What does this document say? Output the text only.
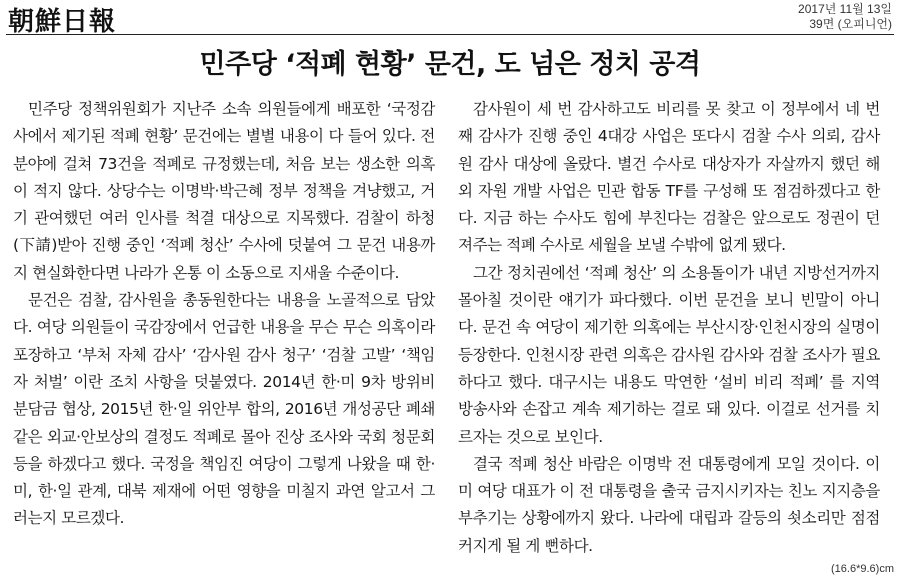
朝鮮日報	2017년 11월 13일
39면 (오피니언)
민주당 ‘적폐 현황’ 문건, 도 넘은 정치 공격

민주당 정책위원회가 지난주 소속 의원들에게 배포한 ‘국정감사에서 제기된 적폐 현황’ 문건에는 별별 내용이 다 들어 있다. 전 분야에 걸쳐 73건을 적폐로 규정했는데, 처음 보는 생소한 의혹이 적지 않다. 상당수는 이명박·박근혜 정부 정책을 겨냥했고, 거기 관여했던 여러 인사를 척결 대상으로 지목했다. 검찰이 하청(下請)받아 진행 중인 ‘적폐 청산’ 수사에 덧붙여 그 문건 내용까지 현실화한다면 나라가 온통 이 소동으로 지새울 수준이다.

문건은 검찰, 감사원을 총동원한다는 내용을 노골적으로 담았다. 여당 의원들이 국감장에서 언급한 내용을 무슨 무슨 의혹이라 포장하고 ‘부처 자체 감사’ ‘감사원 감사 청구’ ‘검찰 고발’ ‘책임자 처벌’ 이란 조치 사항을 덧붙였다. 2014년 한·미 9차 방위비 분담금 협상, 2015년 한·일 위안부 합의, 2016년 개성공단 폐쇄 같은 외교·안보상의 결정도 적폐로 몰아 진상 조사와 국회 청문회 등을 하겠다고 했다. 국정을 책임진 여당이 그렇게 나왔을 때 한·미, 한·일 관계, 대북 제재에 어떤 영향을 미칠지 과연 알고서 그러는지 모르겠다.

감사원이 세 번 감사하고도 비리를 못 찾고 이 정부에서 네 번째 감사가 진행 중인 4대강 사업은 또다시 검찰 수사 의뢰, 감사원 감사 대상에 올랐다. 별건 수사로 대상자가 자살까지 했던 해외 자원 개발 사업은 민관 합동 TF를 구성해 또 점검하겠다고 한다. 지금 하는 수사도 힘에 부친다는 검찰은 앞으로도 정권이 던져주는 적폐 수사로 세월을 보낼 수밖에 없게 됐다.

그간 정치권에선 ‘적폐 청산’ 의 소용돌이가 내년 지방선거까지 몰아칠 것이란 얘기가 파다했다. 이번 문건을 보니 빈말이 아니다. 문건 속 여당이 제기한 의혹에는 부산시장·인천시장의 실명이 등장한다. 인천시장 관련 의혹은 감사원 감사와 검찰 조사가 필요하다고 했다. 대구시는 내용도 막연한 ‘설비 비리 적폐’ 를 지역 방송사와 손잡고 계속 제기하는 걸로 돼 있다. 이걸로 선거를 치르자는 것으로 보인다.

결국 적폐 청산 바람은 이명박 전 대통령에게 모일 것이다. 이미 여당 대표가 이 전 대통령을 출국 금지시키자는 친노 지지층을 부추기는 상황에까지 왔다. 나라에 대립과 갈등의 쇳소리만 점점 커지게 될 게 뻔하다.

(16.6*9.6)cm
